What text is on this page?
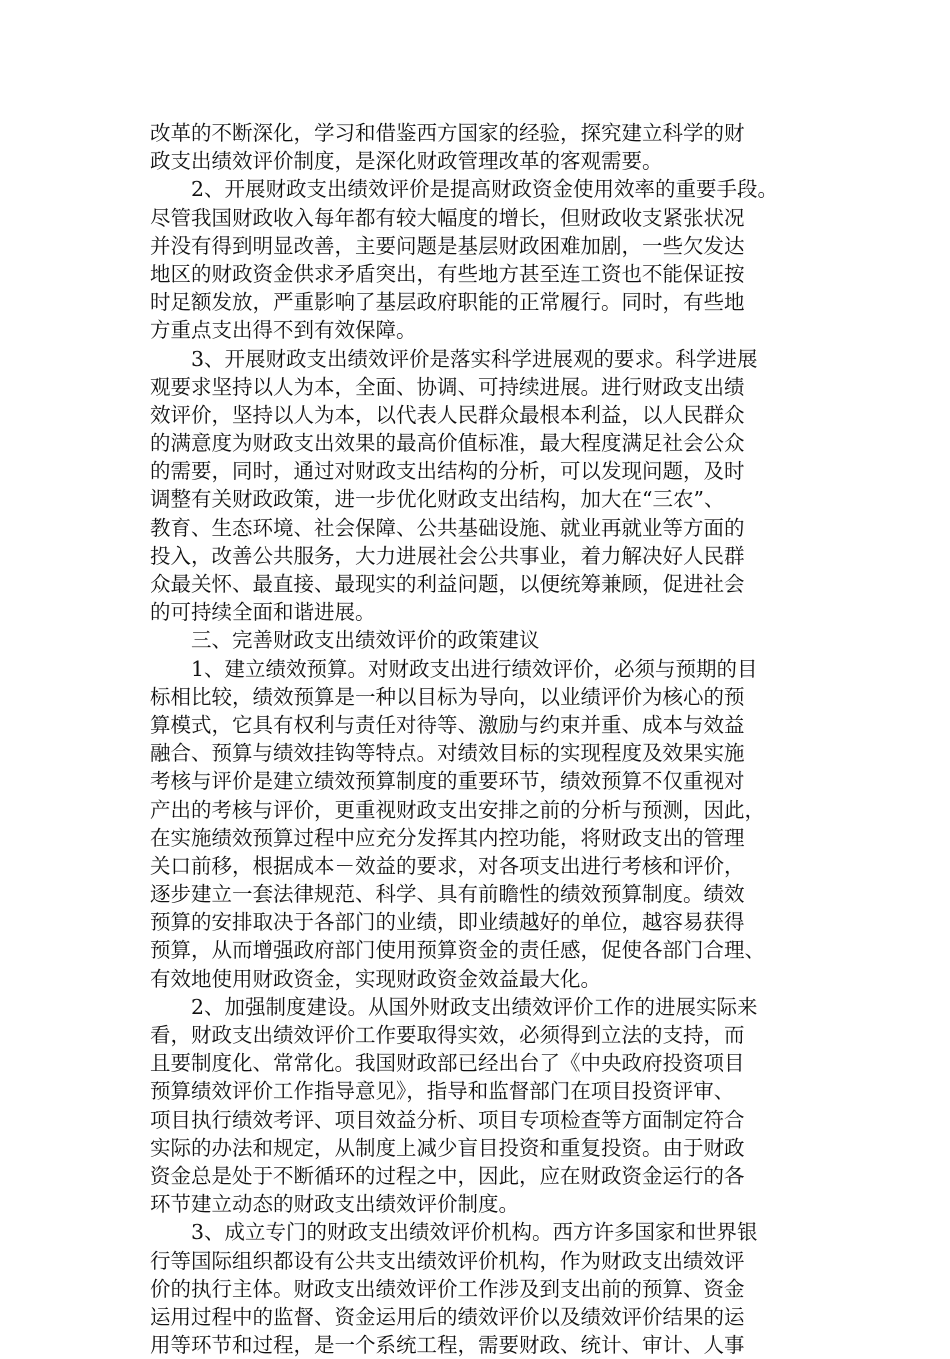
改革的不断深化，学习和借鉴西方国家的经验，探究建立科学的财
政支出绩效评价制度，是深化财政管理改革的客观需要。
2、开展财政支出绩效评价是提高财政资金使用效率的重要手段。
尽管我国财政收入每年都有较大幅度的增长，但财政收支紧张状况
并没有得到明显改善，主要问题是基层财政困难加剧，一些欠发达
地区的财政资金供求矛盾突出，有些地方甚至连工资也不能保证按
时足额发放，严重影响了基层政府职能的正常履行。同时，有些地
方重点支出得不到有效保障。
3、开展财政支出绩效评价是落实科学进展观的要求。科学进展
观要求坚持以人为本，全面、协调、可持续进展。进行财政支出绩
效评价，坚持以人为本，以代表人民群众最根本利益，以人民群众
的满意度为财政支出效果的最高价值标准，最大程度满足社会公众
的需要，同时，通过对财政支出结构的分析，可以发现问题，及时
调整有关财政政策，进一步优化财政支出结构，加大在“三农”、
教育、生态环境、社会保障、公共基础设施、就业再就业等方面的
投入，改善公共服务，大力进展社会公共事业，着力解决好人民群
众最关怀、最直接、最现实的利益问题，以便统筹兼顾，促进社会
的可持续全面和谐进展。
三、完善财政支出绩效评价的政策建议
1、建立绩效预算。对财政支出进行绩效评价，必须与预期的目
标相比较，绩效预算是一种以目标为导向，以业绩评价为核心的预
算模式，它具有权利与责任对待等、激励与约束并重、成本与效益
融合、预算与绩效挂钩等特点。对绩效目标的实现程度及效果实施
考核与评价是建立绩效预算制度的重要环节，绩效预算不仅重视对
产出的考核与评价，更重视财政支出安排之前的分析与预测，因此，
在实施绩效预算过程中应充分发挥其内控功能，将财政支出的管理
关口前移，根据成本－效益的要求，对各项支出进行考核和评价，
逐步建立一套法律规范、科学、具有前瞻性的绩效预算制度。绩效
预算的安排取决于各部门的业绩，即业绩越好的单位，越容易获得
预算，从而增强政府部门使用预算资金的责任感，促使各部门合理、
有效地使用财政资金，实现财政资金效益最大化。
2、加强制度建设。从国外财政支出绩效评价工作的进展实际来
看，财政支出绩效评价工作要取得实效，必须得到立法的支持，而
且要制度化、常常化。我国财政部已经出台了《中央政府投资项目
预算绩效评价工作指导意见》，指导和监督部门在项目投资评审、
项目执行绩效考评、项目效益分析、项目专项检查等方面制定符合
实际的办法和规定，从制度上减少盲目投资和重复投资。由于财政
资金总是处于不断循环的过程之中，因此，应在财政资金运行的各
环节建立动态的财政支出绩效评价制度。
3、成立专门的财政支出绩效评价机构。西方许多国家和世界银
行等国际组织都设有公共支出绩效评价机构，作为财政支出绩效评
价的执行主体。财政支出绩效评价工作涉及到支出前的预算、资金
运用过程中的监督、资金运用后的绩效评价以及绩效评价结果的运
用等环节和过程，是一个系统工程，需要财政、统计、审计、人事
